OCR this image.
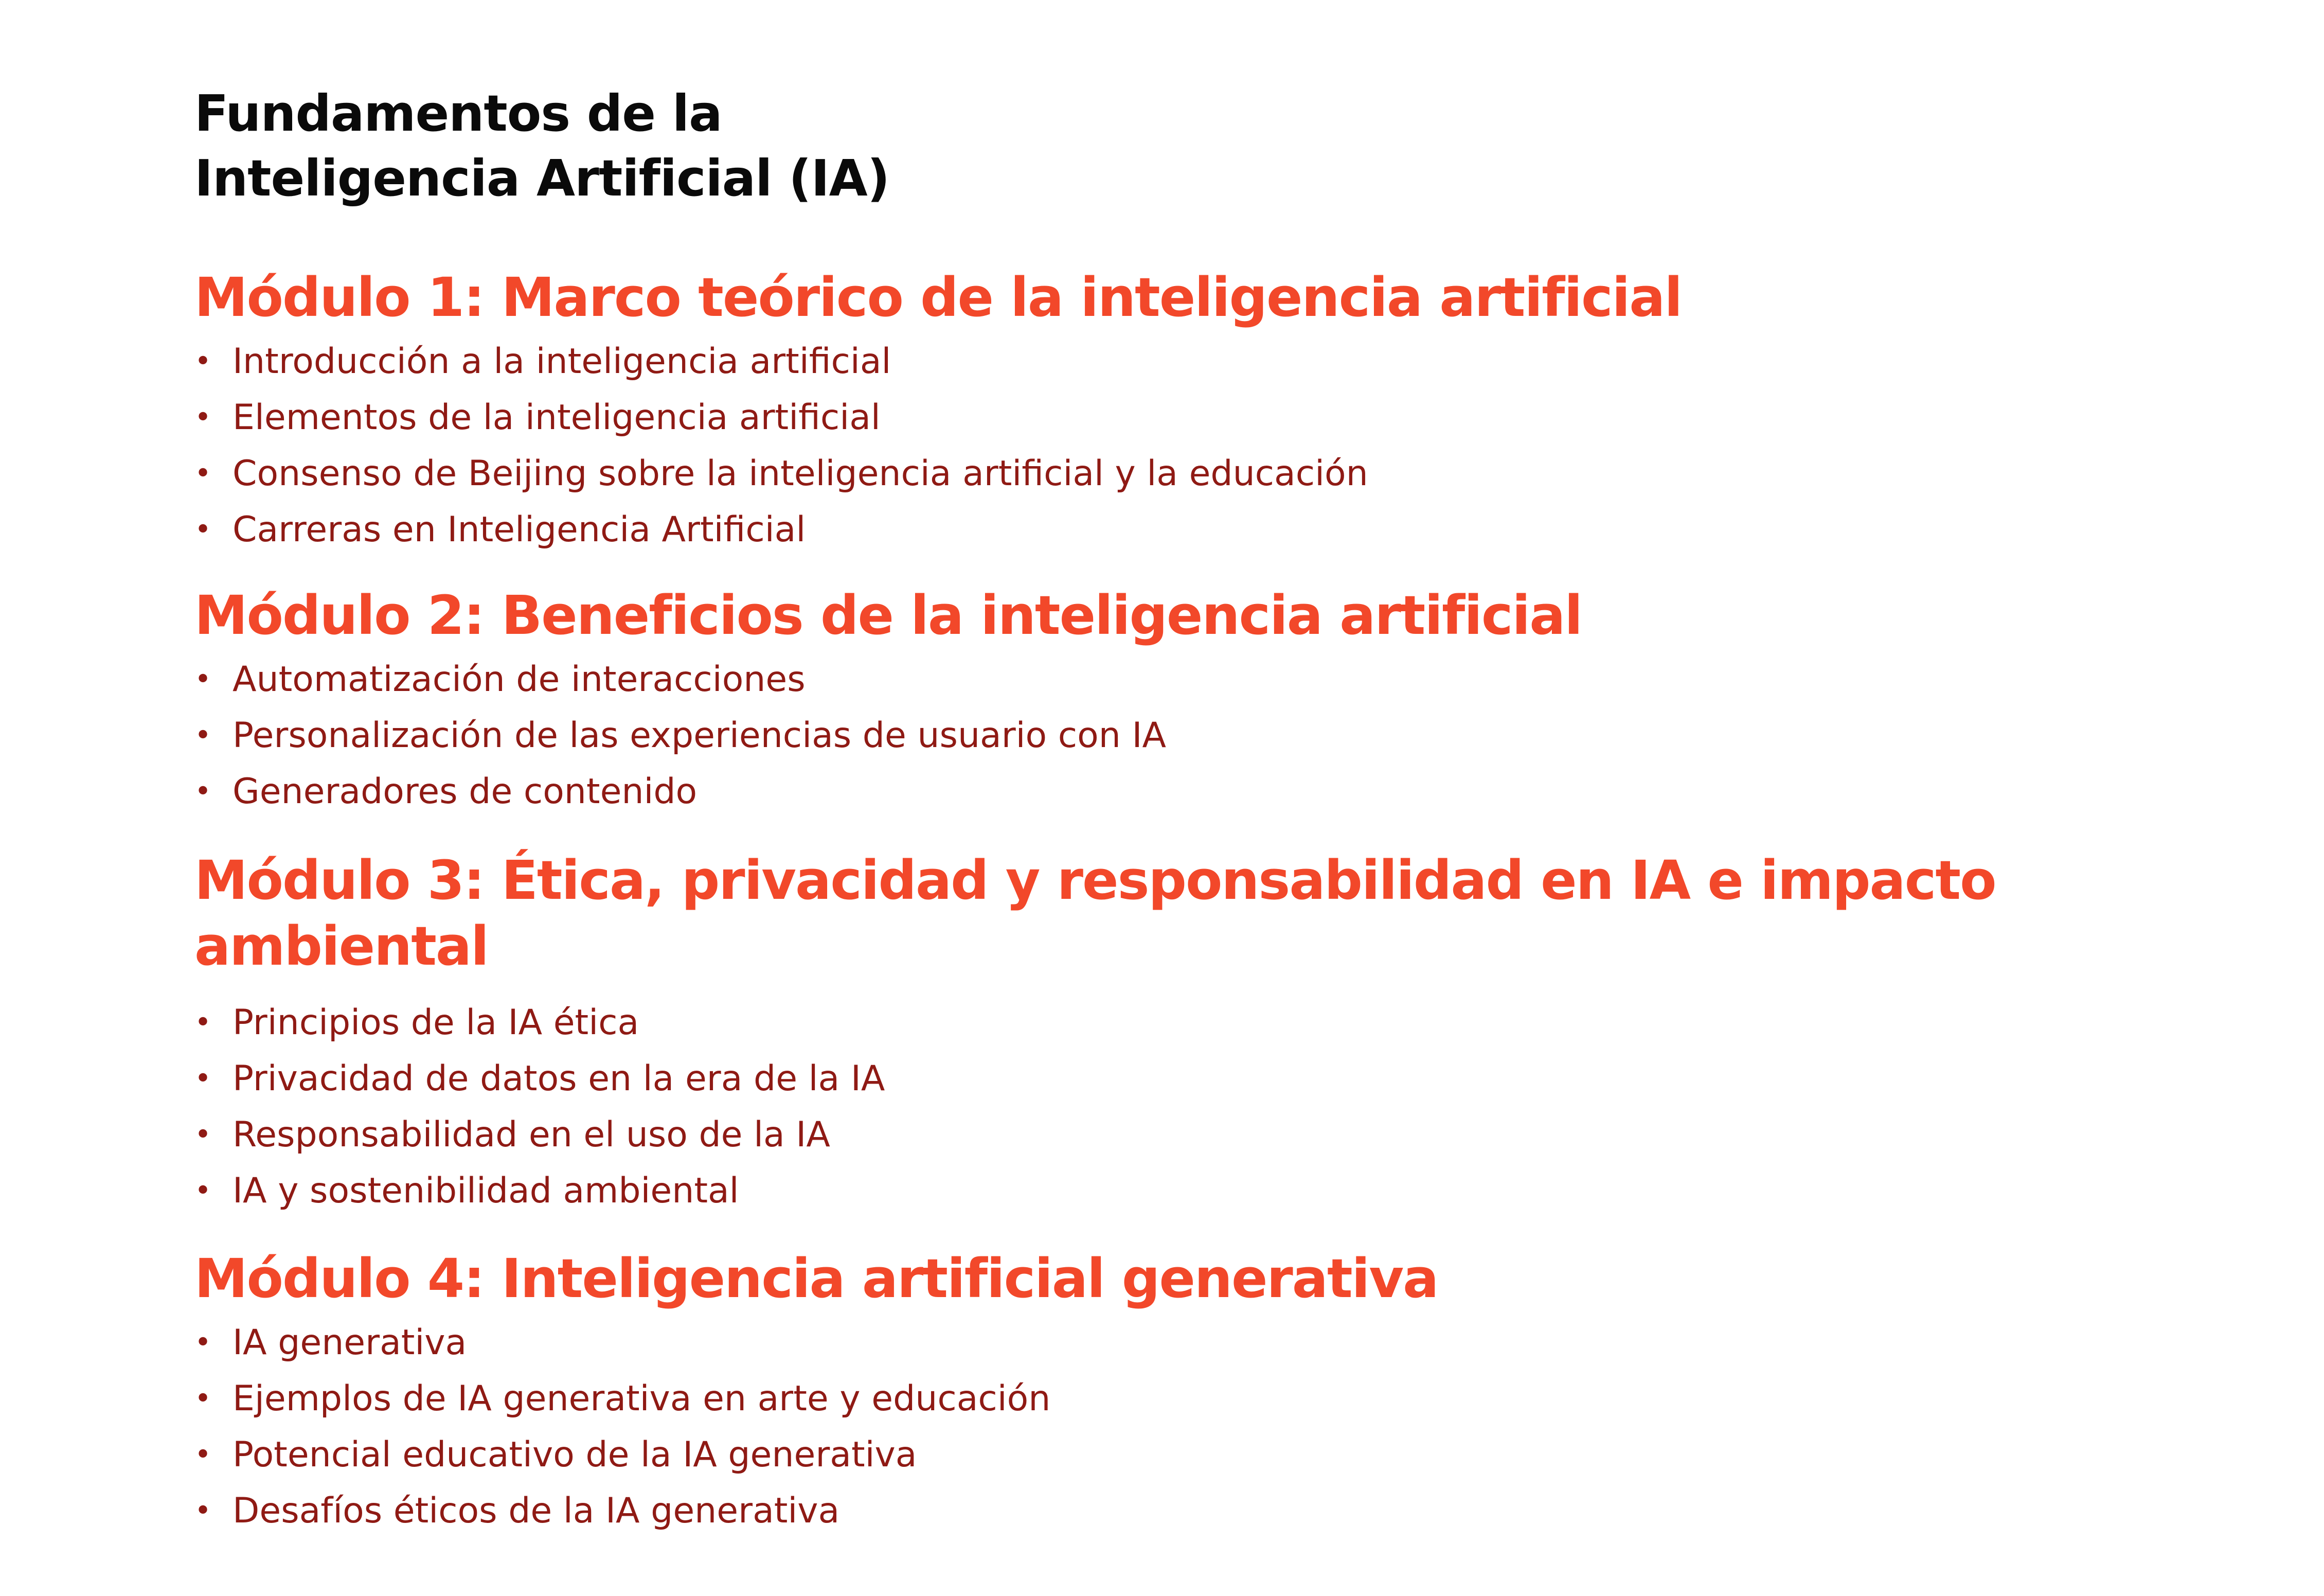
Fundamentos de la
Inteligencia Artificial (IA)
Módulo 1: Marco teórico de la inteligencia artificial
• Introducción a la inteligencia artificial
• Elementos de la inteligencia artificial
• Consenso de Beijing sobre la inteligencia artificial y la educación
• Carreras en Inteligencia Artificial
Módulo 2: Beneficios de la inteligencia artificial
• Automatización de interacciones
• Personalización de las experiencias de usuario con IA
• Generadores de contenido
Módulo 3: Ética, privacidad y responsabilidad en IA e impacto
ambiental
• Principios de la IA ética
• Privacidad de datos en la era de la IA
• Responsabilidad en el uso de la IA
• IA y sostenibilidad ambiental
Módulo 4: Inteligencia artificial generativa
• IA generativa
• Ejemplos de IA generativa en arte y educación
• Potencial educativo de la IA generativa
• Desafíos éticos de la IA generativa
